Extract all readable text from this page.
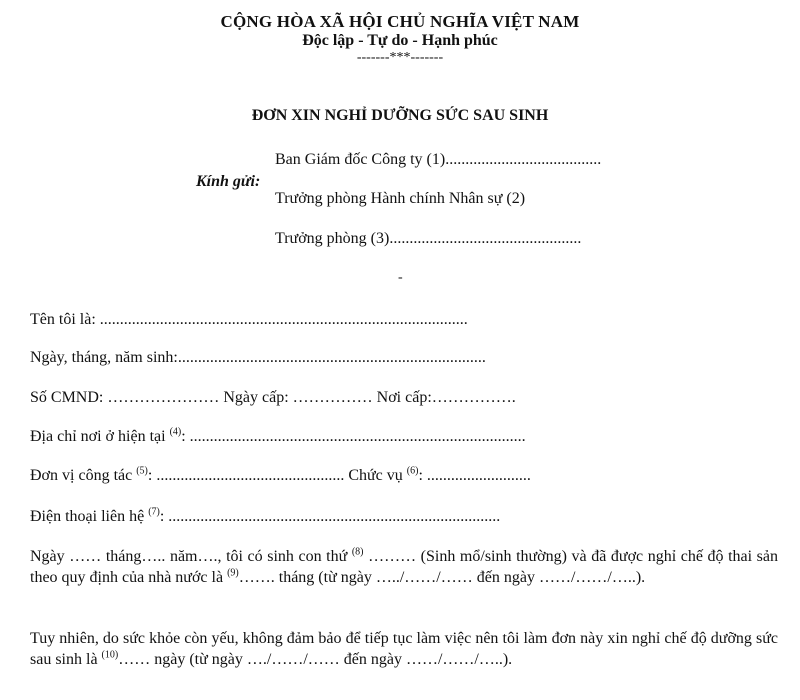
CỘNG HÒA XÃ HỘI CHỦ NGHĨA VIỆT NAM
Độc lập - Tự do - Hạnh phúc
-------***-------
ĐƠN XIN NGHỈ DƯỠNG SỨC SAU SINH
Ban Giám đốc Công ty (1).......................................
Kính gửi:
Trưởng phòng Hành chính Nhân sự (2)
Trưởng phòng (3)................................................
-
Tên tôi là: ............................................................................................
Ngày, tháng, năm sinh:.............................................................................
Số CMND: ………………… Ngày cấp: …………… Nơi cấp:…………….
Địa chỉ nơi ở hiện tại $^{(4)}$: ....................................................................................
Đơn vị công tác $^{(5)}$: ............................................... Chức vụ $^{(6)}$: ..........................
Điện thoại liên hệ $^{(7)}$: ...................................................................................
Ngày …… tháng….. năm…., tôi có sinh con thứ $^{(8)}$ ……… (Sinh mổ/sinh thường) và đã được nghỉ chế độ thai sản theo quy định của nhà nước là $^{(9)}$……. tháng (từ ngày …../……/…… đến ngày ……/……/…..).
Tuy nhiên, do sức khỏe còn yếu, không đảm bảo để tiếp tục làm việc nên tôi làm đơn này xin nghỉ chế độ dưỡng sức sau sinh là $^{(10)}$…… ngày (từ ngày …./……/…… đến ngày ……/……/…..).
